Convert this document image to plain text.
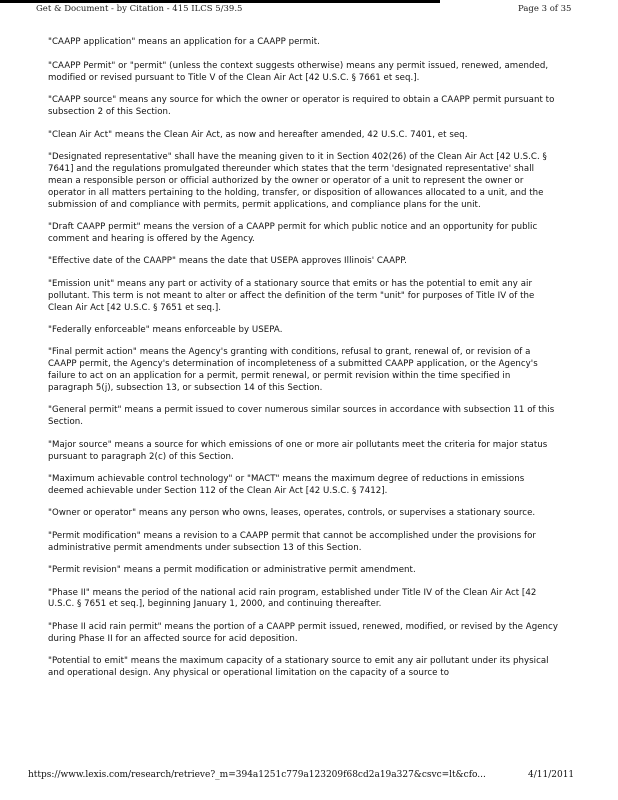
Get & Document - by Citation - 415 ILCS 5/39.5	Page 3 of 35

"CAAPP application" means an application for a CAAPP permit.

"CAAPP Permit" or "permit" (unless the context suggests otherwise) means any permit issued, renewed, amended, modified or revised pursuant to Title V of the Clean Air Act [42 U.S.C. § 7661 et seq.].

"CAAPP source" means any source for which the owner or operator is required to obtain a CAAPP permit pursuant to subsection 2 of this Section.

"Clean Air Act" means the Clean Air Act, as now and hereafter amended, 42 U.S.C. 7401, et seq.

"Designated representative" shall have the meaning given to it in Section 402(26) of the Clean Air Act [42 U.S.C. § 7641] and the regulations promulgated thereunder which states that the term 'designated representative' shall mean a responsible person or official authorized by the owner or operator of a unit to represent the owner or operator in all matters pertaining to the holding, transfer, or disposition of allowances allocated to a unit, and the submission of and compliance with permits, permit applications, and compliance plans for the unit.

"Draft CAAPP permit" means the version of a CAAPP permit for which public notice and an opportunity for public comment and hearing is offered by the Agency.

"Effective date of the CAAPP" means the date that USEPA approves Illinois' CAAPP.

"Emission unit" means any part or activity of a stationary source that emits or has the potential to emit any air pollutant. This term is not meant to alter or affect the definition of the term "unit" for purposes of Title IV of the Clean Air Act [42 U.S.C. § 7651 et seq.].

"Federally enforceable" means enforceable by USEPA.

"Final permit action" means the Agency's granting with conditions, refusal to grant, renewal of, or revision of a CAAPP permit, the Agency's determination of incompleteness of a submitted CAAPP application, or the Agency's failure to act on an application for a permit, permit renewal, or permit revision within the time specified in paragraph 5(j), subsection 13, or subsection 14 of this Section.

"General permit" means a permit issued to cover numerous similar sources in accordance with subsection 11 of this Section.

"Major source" means a source for which emissions of one or more air pollutants meet the criteria for major status pursuant to paragraph 2(c) of this Section.

"Maximum achievable control technology" or "MACT" means the maximum degree of reductions in emissions deemed achievable under Section 112 of the Clean Air Act [42 U.S.C. § 7412].

"Owner or operator" means any person who owns, leases, operates, controls, or supervises a stationary source.

"Permit modification" means a revision to a CAAPP permit that cannot be accomplished under the provisions for administrative permit amendments under subsection 13 of this Section.

"Permit revision" means a permit modification or administrative permit amendment.

"Phase II" means the period of the national acid rain program, established under Title IV of the Clean Air Act [42 U.S.C. § 7651 et seq.], beginning January 1, 2000, and continuing thereafter.

"Phase II acid rain permit" means the portion of a CAAPP permit issued, renewed, modified, or revised by the Agency during Phase II for an affected source for acid deposition.

"Potential to emit" means the maximum capacity of a stationary source to emit any air pollutant under its physical and operational design. Any physical or operational limitation on the capacity of a source to

https://www.lexis.com/research/retrieve?_m=394a1251c779a123209f68cd2a19a327&csvc=lt&cfo...	4/11/2011
